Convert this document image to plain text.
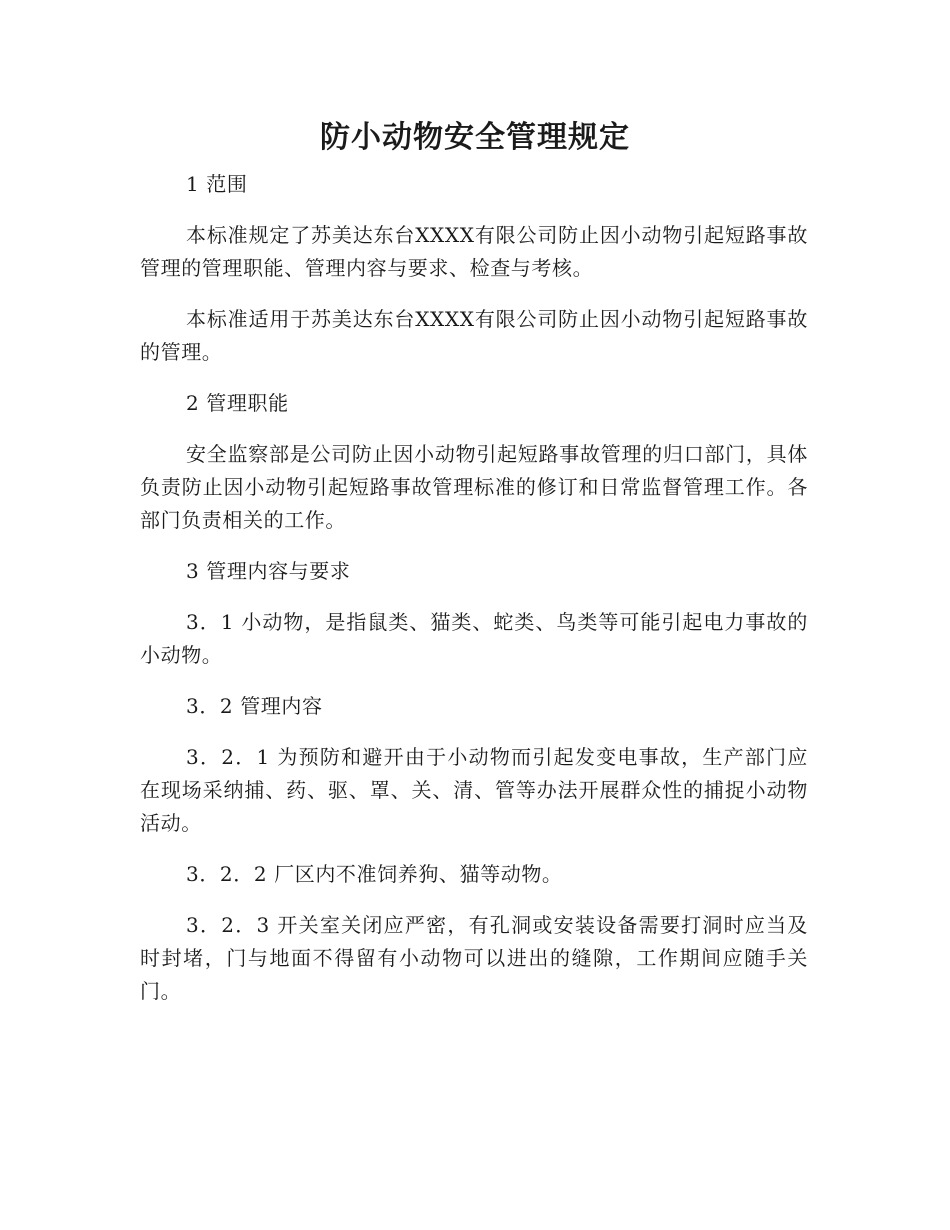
防小动物安全管理规定

1 范围

本标准规定了苏美达东台XXXX有限公司防止因小动物引起短路事故管理的管理职能、管理内容与要求、检查与考核。

本标准适用于苏美达东台XXXX有限公司防止因小动物引起短路事故的管理。

2 管理职能

安全监察部是公司防止因小动物引起短路事故管理的归口部门，具体负责防止因小动物引起短路事故管理标准的修订和日常监督管理工作。各部门负责相关的工作。

3 管理内容与要求

3．1 小动物，是指鼠类、猫类、蛇类、鸟类等可能引起电力事故的小动物。

3．2 管理内容

3．2．1 为预防和避开由于小动物而引起发变电事故，生产部门应在现场采纳捕、药、驱、罩、关、清、管等办法开展群众性的捕捉小动物活动。

3．2．2 厂区内不准饲养狗、猫等动物。

3．2．3 开关室关闭应严密，有孔洞或安装设备需要打洞时应当及时封堵，门与地面不得留有小动物可以进出的缝隙，工作期间应随手关门。
